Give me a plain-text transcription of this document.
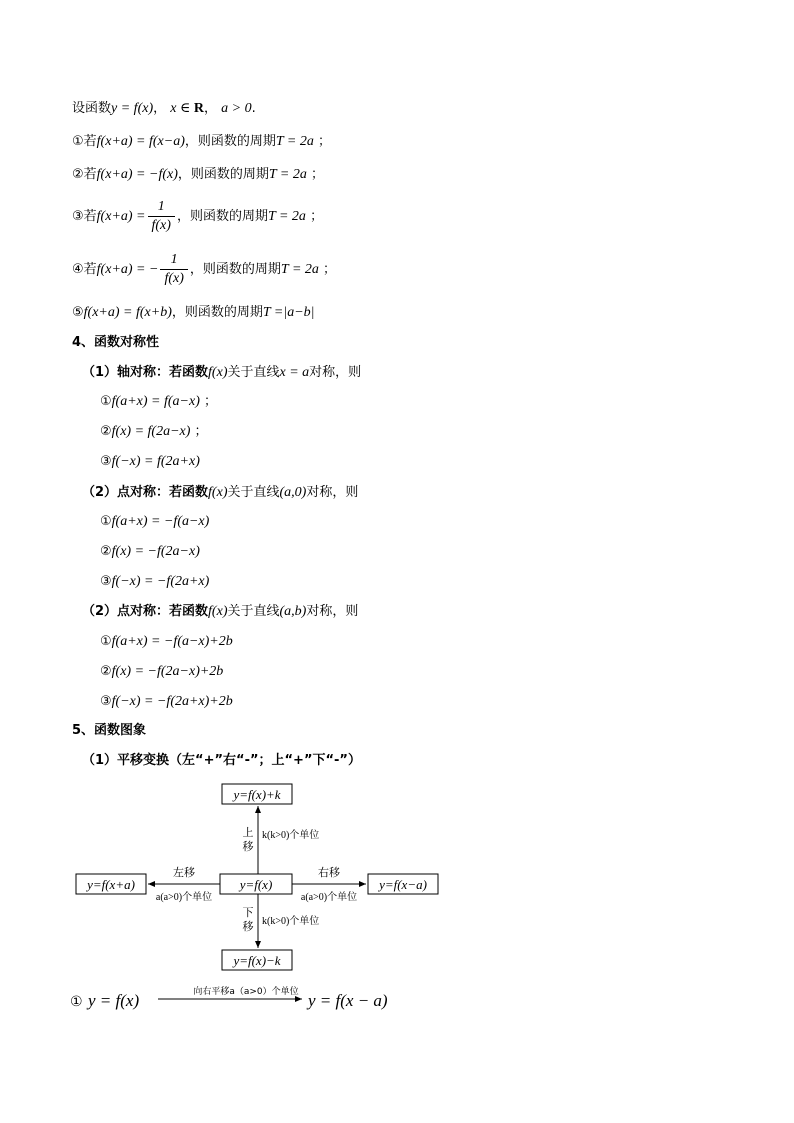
设函数y = f(x)， x ∈ R， a > 0.
①若f(x+a) = f(x−a)，则函数的周期T = 2a ；
②若f(x+a) = −f(x)，则函数的周期T = 2a ；
③若$f(x+a) = \frac{1}{f(x)}$ ，则函数的周期T = 2a ；
④若f(x+a) = − $\frac{1}{f(x)}$ ，则函数的周期T = 2a ；
⑤f(x+a) = f(x+b)，则函数的周期T =|a−b|
4、函数对称性
（1）轴对称：若函数f(x)关于直线x = a对称，则
①f(a+x) = f(a−x) ；
②f(x) = f(2a−x) ；
③f(−x) = f(2a+x)
（2）点对称：若函数f(x)关于直线(a,0)对称，则
①f(a+x) = −f(a−x)
②f(x) = −f(2a−x)
③f(−x) = −f(2a+x)
（2）点对称：若函数f(x)关于直线(a,b)对称，则
①f(a+x) = −f(a−x)+2b
②f(x) = −f(2a−x)+2b
③f(−x) = −f(2a+x)+2b
5、函数图象
（1）平移变换（左“+”右“-”；上“+”下“-”）
y=f(x)
y=f(x)+k
y=f(x)−k
y=f(x+a)	y=f(x−a)
上
移
k(k>0)个单位
下
移 k(k>0)个单位
左移
a(a>0)个单位
右移
a(a>0)个单位
① y = f(x)	向右平移a（a>0）个单位 y = f(x − a)
